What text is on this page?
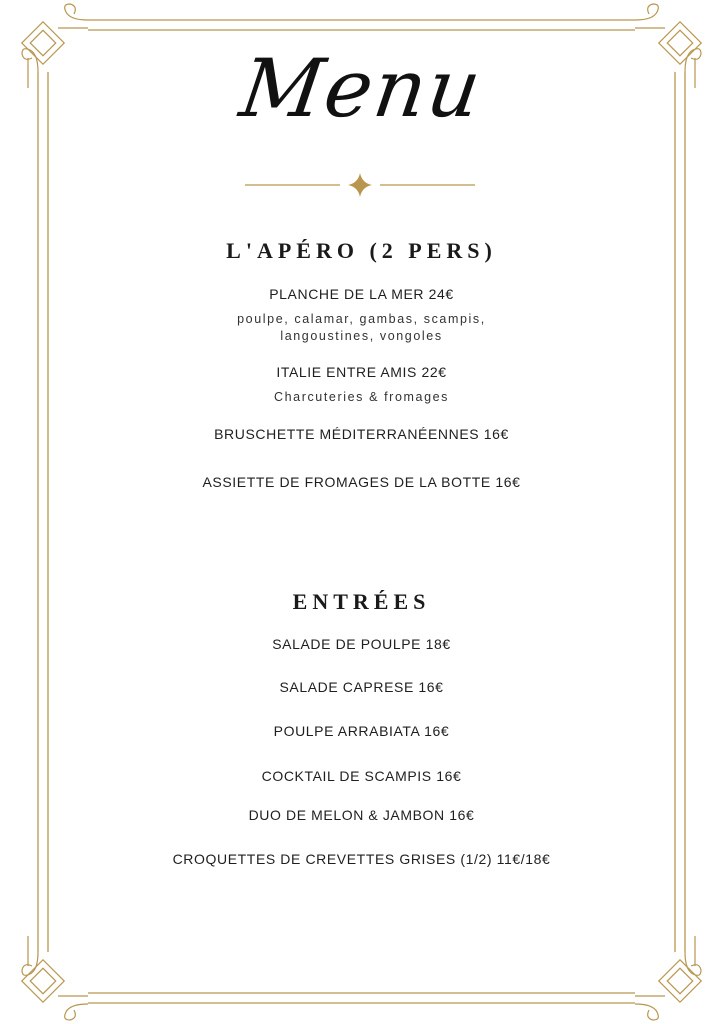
Menu
L'APÉRO (2 PERS)
PLANCHE DE LA MER 24€
poulpe, calamar, gambas, scampis,
langoustines, vongoles
ITALIE ENTRE AMIS 22€
Charcuteries & fromages
BRUSCHETTE MÉDITERRANÉENNES 16€
ASSIETTE DE FROMAGES DE LA BOTTE 16€
ENTRÉES
SALADE DE POULPE 18€
SALADE CAPRESE 16€
POULPE ARRABIATA 16€
COCKTAIL DE SCAMPIS 16€
DUO DE MELON & JAMBON 16€
CROQUETTES DE CREVETTES GRISES (1/2) 11€/18€
